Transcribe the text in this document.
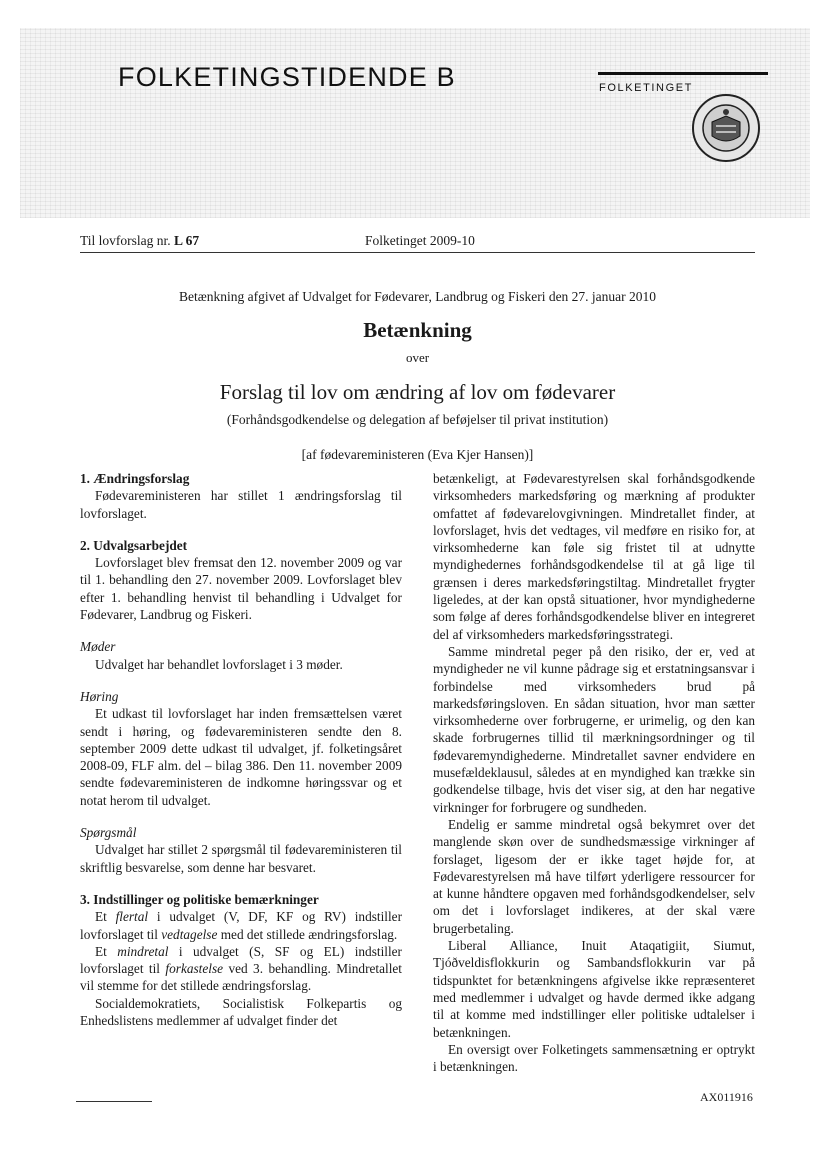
FOLKETINGSTIDENDE B	FOLKETINGET
Til lovforslag nr. L 67	Folketinget 2009-10
Betænkning afgivet af Udvalget for Fødevarer, Landbrug og Fiskeri den 27. januar 2010
Betænkning
over
Forslag til lov om ændring af lov om fødevarer
(Forhåndsgodkendelse og delegation af beføjelser til privat institution)
[af fødevareministeren (Eva Kjer Hansen)]
1. Ændringsforslag

Fødevareministeren har stillet 1 ændringsforslag til lovforslaget.

2. Udvalgsarbejdet

Lovforslaget blev fremsat den 12. november 2009 og var til 1. behandling den 27. november 2009. Lovforslaget blev efter 1. behandling henvist til behandling i Udvalget for Fødevarer, Landbrug og Fiskeri.

Møder

Udvalget har behandlet lovforslaget i 3 møder.

Høring

Et udkast til lovforslaget har inden fremsættelsen været sendt i høring, og fødevareministeren sendte den 8. september 2009 dette udkast til udvalget, jf. folketingsåret 2008-09, FLF alm. del – bilag 386. Den 11. november 2009 sendte fødevareministeren de indkomne høringssvar og et notat herom til udvalget.

Spørgsmål

Udvalget har stillet 2 spørgsmål til fødevareministeren til skriftlig besvarelse, som denne har besvaret.

3. Indstillinger og politiske bemærkninger

Et flertal i udvalget (V, DF, KF og RV) indstiller lovforslaget til vedtagelse med det stillede ændringsforslag.

Et mindretal i udvalget (S, SF og EL) indstiller lovforslaget til forkastelse ved 3. behandling. Mindretallet vil stemme for det stillede ændringsforslag.

Socialdemokratiets, Socialistisk Folkepartis og Enhedslistens medlemmer af udvalget finder det

betænkeligt, at Fødevarestyrelsen skal forhåndsgodkende virksomheders markedsføring og mærkning af produkter omfattet af fødevarelovgivningen. Mindretallet finder, at lovforslaget, hvis det vedtages, vil medføre en risiko for, at virksomhederne kan føle sig fristet til at udnytte myndighedernes forhåndsgodkendelse til at gå lige til grænsen i deres markedsføringstiltag. Mindretallet frygter ligeledes, at der kan opstå situationer, hvor myndighederne som følge af deres forhåndsgodkendelse bliver en integreret del af virksomheders markedsføringsstrategi.

Samme mindretal peger på den risiko, der er, ved at myndigheder ne vil kunne pådrage sig et erstatningsansvar i forbindelse med virksomheders brud på markedsføringsloven. En sådan situation, hvor man sætter virksomhederne over forbrugerne, er urimelig, og den kan skade forbrugernes tillid til mærkningsordninger og til fødevaremyndighederne. Mindretallet savner endvidere en musefældeklausul, således at en myndighed kan trække sin godkendelse tilbage, hvis det viser sig, at den har negative virkninger for forbrugere og sundheden.

Endelig er samme mindretal også bekymret over det manglende skøn over de sundhedsmæssige virkninger af forslaget, ligesom der er ikke taget højde for, at Fødevarestyrelsen må have tilført yderligere ressourcer for at kunne håndtere opgaven med forhåndsgodkendelser, selv om det i lovforslaget indikeres, at der skal være brugerbetaling.

Liberal Alliance, Inuit Ataqatigiit, Siumut, Tjóðveldisflokkurin og Sambandsflokkurin var på tidspunktet for betænkningens afgivelse ikke repræsenteret med medlemmer i udvalget og havde dermed ikke adgang til at komme med indstillinger eller politiske udtalelser i betænkningen.

En oversigt over Folketingets sammensætning er optrykt i betænkningen.

AX011916
